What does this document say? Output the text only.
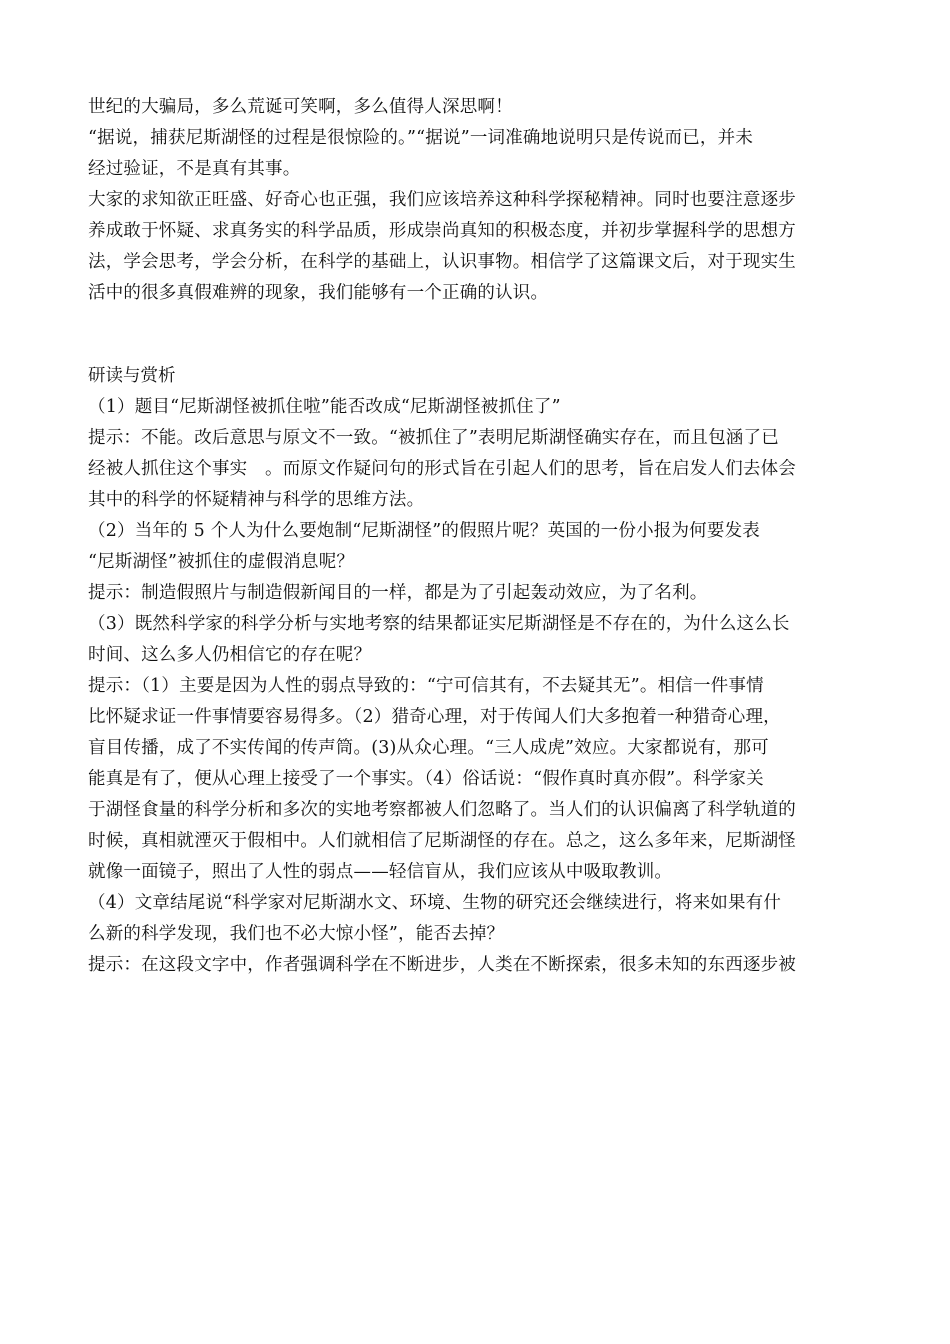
世纪的大骗局，多么荒诞可笑啊，多么值得人深思啊！
“据说，捕获尼斯湖怪的过程是很惊险的。”“据说”一词准确地说明只是传说而已，并未
经过验证，不是真有其事。
大家的求知欲正旺盛、好奇心也正强，我们应该培养这种科学探秘精神。同时也要注意逐步
养成敢于怀疑、求真务实的科学品质，形成崇尚真知的积极态度，并初步掌握科学的思想方
法，学会思考，学会分析，在科学的基础上，认识事物。相信学了这篇课文后，对于现实生
活中的很多真假难辨的现象，我们能够有一个正确的认识。
研读与赏析
（1）题目“尼斯湖怪被抓住啦”能否改成“尼斯湖怪被抓住了”
提示：不能。改后意思与原文不一致。“被抓住了”表明尼斯湖怪确实存在，而且包涵了已
经被人抓住这个事实　。而原文作疑问句的形式旨在引起人们的思考，旨在启发人们去体会
其中的科学的怀疑精神与科学的思维方法。
（2）当年的 5 个人为什么要炮制“尼斯湖怪”的假照片呢？英国的一份小报为何要发表
“尼斯湖怪”被抓住的虚假消息呢？
提示：制造假照片与制造假新闻目的一样，都是为了引起轰动效应，为了名利。
（3）既然科学家的科学分析与实地考察的结果都证实尼斯湖怪是不存在的，为什么这么长
时间、这么多人仍相信它的存在呢？
提示：（1）主要是因为人性的弱点导致的：“宁可信其有，不去疑其无”。相信一件事情
比怀疑求证一件事情要容易得多。（2）猎奇心理，对于传闻人们大多抱着一种猎奇心理，
盲目传播，成了不实传闻的传声筒。(3)从众心理。“三人成虎”效应。大家都说有，那可
能真是有了，便从心理上接受了一个事实。（4）俗话说：“假作真时真亦假”。科学家关
于湖怪食量的科学分析和多次的实地考察都被人们忽略了。当人们的认识偏离了科学轨道的
时候，真相就湮灭于假相中。人们就相信了尼斯湖怪的存在。总之，这么多年来，尼斯湖怪
就像一面镜子，照出了人性的弱点——轻信盲从，我们应该从中吸取教训。
（4）文章结尾说“科学家对尼斯湖水文、环境、生物的研究还会继续进行，将来如果有什
么新的科学发现，我们也不必大惊小怪”，能否去掉？
提示：在这段文字中，作者强调科学在不断进步，人类在不断探索，很多未知的东西逐步被
